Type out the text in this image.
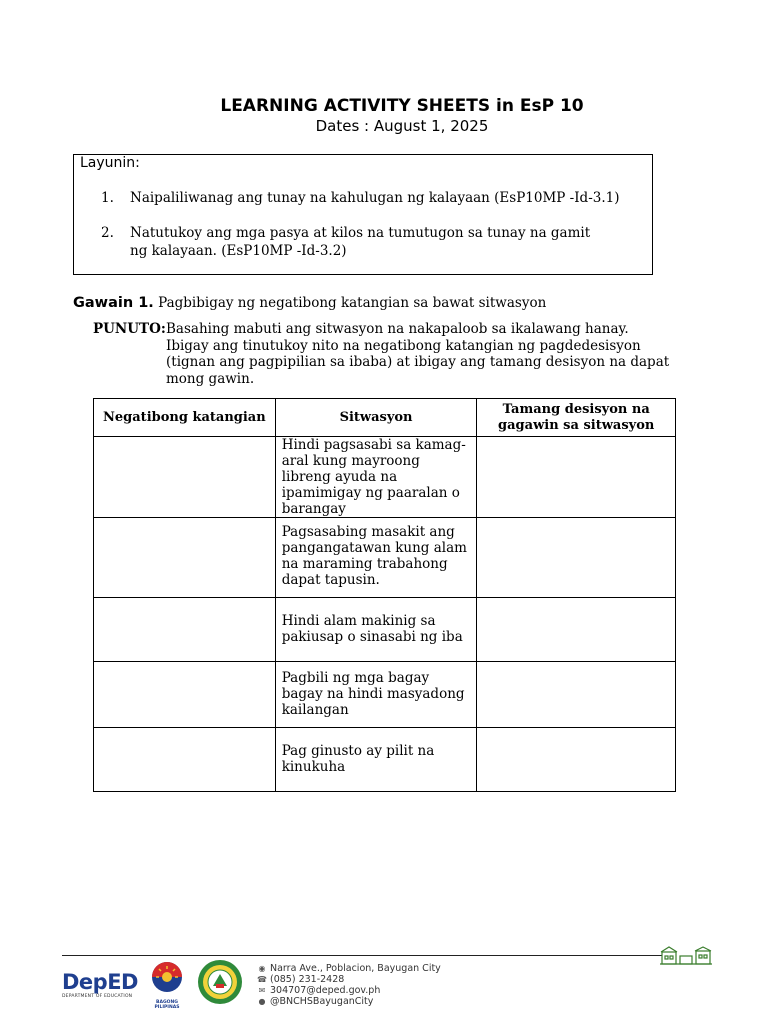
LEARNING ACTIVITY SHEETS in EsP 10
Dates : August 1, 2025
Layunin:
1.	Naipaliliwanag ang tunay na kahulugan ng kalayaan (EsP10MP -Id-3.1)
2.	Natutukoy ang mga pasya at kilos na tumutugon sa tunay na gamit
ng kalayaan. (EsP10MP -Id-3.2)
Gawain 1. Pagbibigay ng negatibong katangian sa bawat sitwasyon
PUNUTO: Basahing mabuti ang sitwasyon na nakapaloob sa ikalawang hanay.
Ibigay ang tinutukoy nito na negatibong katangian ng pagdedesisyon
(tignan ang pagpipilian sa ibaba) at ibigay ang tamang desisyon na dapat
mong gawin.
Negatibong katangian	Sitwasyon	Tamang desisyon na gagawin sa sitwasyon

	Hindi pagsasabi sa kamag-
aral kung mayroong
libreng ayuda na
ipamimigay ng paaralan o
barangay	

	Pagsasabing masakit ang
pangangatawan kung alam
na maraming trabahong
dapat tapusin.	

	Hindi alam makinig sa
pakiusap o sinasabi ng iba	

	Pagbili ng mga bagay
bagay na hindi masyadong
kailangan	

	Pag ginusto ay pilit na
kinukuha	

DepED
DEPARTMENT OF EDUCATION
BAGONG PILIPINAS
◉ Narra Ave., Poblacion, Bayugan City
☎ (085) 231-2428
✉ 304707@deped.gov.ph
● @BNCHSBayuganCity
